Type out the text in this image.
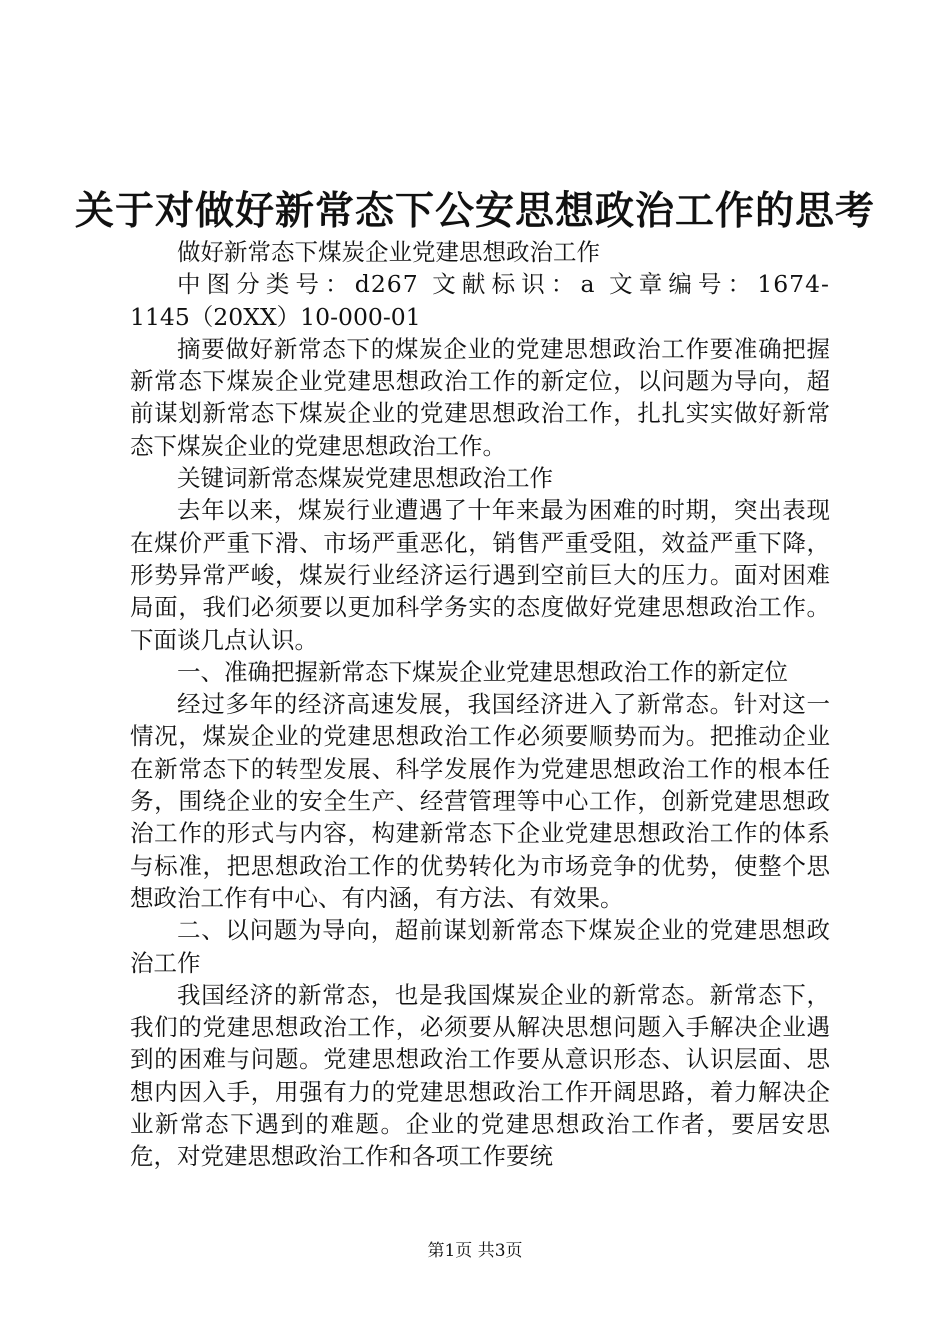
关于对做好新常态下公安思想政治工作的思考

做好新常态下煤炭企业党建思想政治工作

中图分类号：d267 文献标识：a 文章编号：1674-

1145（20XX）10-000-01

摘要做好新常态下的煤炭企业的党建思想政治工作要准确把握新常态下煤炭企业党建思想政治工作的新定位，以问题为导向，超前谋划新常态下煤炭企业的党建思想政治工作，扎扎实实做好新常态下煤炭企业的党建思想政治工作。

关键词新常态煤炭党建思想政治工作

去年以来，煤炭行业遭遇了十年来最为困难的时期，突出表现在煤价严重下滑、市场严重恶化，销售严重受阻，效益严重下降，形势异常严峻，煤炭行业经济运行遇到空前巨大的压力。面对困难局面，我们必须要以更加科学务实的态度做好党建思想政治工作。下面谈几点认识。

一、准确把握新常态下煤炭企业党建思想政治工作的新定位

经过多年的经济高速发展，我国经济进入了新常态。针对这一情况，煤炭企业的党建思想政治工作必须要顺势而为。把推动企业在新常态下的转型发展、科学发展作为党建思想政治工作的根本任务，围绕企业的安全生产、经营管理等中心工作，创新党建思想政治工作的形式与内容，构建新常态下企业党建思想政治工作的体系与标准，把思想政治工作的优势转化为市场竞争的优势，使整个思想政治工作有中心、有内涵，有方法、有效果。

二、以问题为导向，超前谋划新常态下煤炭企业的党建思想政治工作

我国经济的新常态，也是我国煤炭企业的新常态。新常态下，我们的党建思想政治工作，必须要从解决思想问题入手解决企业遇到的困难与问题。党建思想政治工作要从意识形态、认识层面、思想内因入手，用强有力的党建思想政治工作开阔思路，着力解决企业新常态下遇到的难题。企业的党建思想政治工作者，要居安思危，对党建思想政治工作和各项工作要统

第1页 共3页
